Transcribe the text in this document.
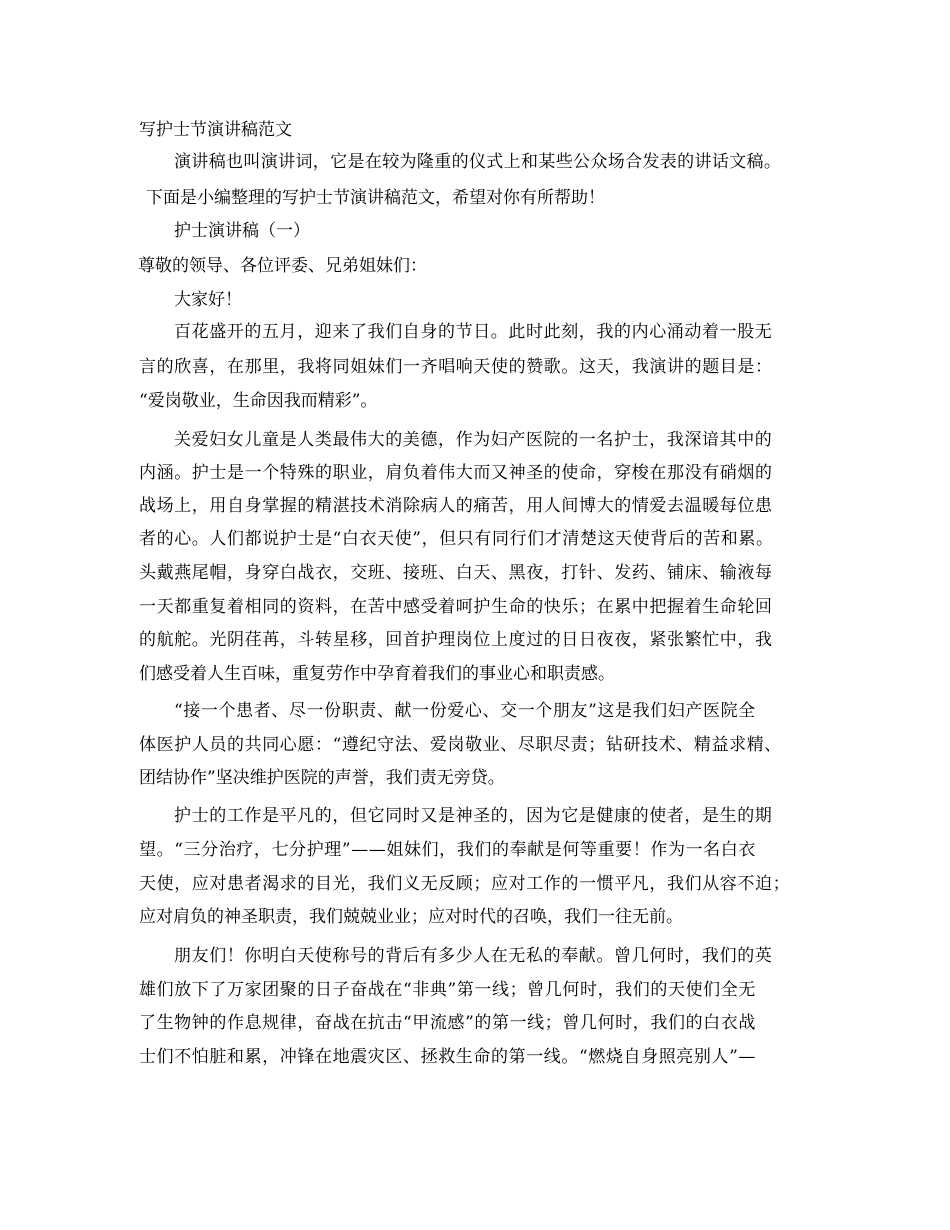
写护士节演讲稿范文
演讲稿也叫演讲词，它是在较为隆重的仪式上和某些公众场合发表的讲话文稿。
下面是小编整理的写护士节演讲稿范文，希望对你有所帮助！
护士演讲稿（一）
尊敬的领导、各位评委、兄弟姐妹们：
大家好！
百花盛开的五月，迎来了我们自身的节日。此时此刻，我的内心涌动着一股无
言的欣喜，在那里，我将同姐妹们一齐唱响天使的赞歌。这天，我演讲的题目是：
“爱岗敬业，生命因我而精彩”。
关爱妇女儿童是人类最伟大的美德，作为妇产医院的一名护士，我深谙其中的
内涵。护士是一个特殊的职业，肩负着伟大而又神圣的使命，穿梭在那没有硝烟的
战场上，用自身掌握的精湛技术消除病人的痛苦，用人间博大的情爱去温暖每位患
者的心。人们都说护士是“白衣天使”，但只有同行们才清楚这天使背后的苦和累。
头戴燕尾帽，身穿白战衣，交班、接班、白天、黑夜，打针、发药、铺床、输液每
一天都重复着相同的资料，在苦中感受着呵护生命的快乐；在累中把握着生命轮回
的航舵。光阴荏苒，斗转星移，回首护理岗位上度过的日日夜夜，紧张繁忙中，我
们感受着人生百味，重复劳作中孕育着我们的事业心和职责感。
“接一个患者、尽一份职责、献一份爱心、交一个朋友”这是我们妇产医院全
体医护人员的共同心愿：“遵纪守法、爱岗敬业、尽职尽责；钻研技术、精益求精、
团结协作”坚决维护医院的声誉，我们责无旁贷。
护士的工作是平凡的，但它同时又是神圣的，因为它是健康的使者，是生的期
望。“三分治疗，七分护理”——姐妹们，我们的奉献是何等重要！作为一名白衣
天使，应对患者渴求的目光，我们义无反顾；应对工作的一惯平凡，我们从容不迫；
应对肩负的神圣职责，我们兢兢业业；应对时代的召唤，我们一往无前。
朋友们！你明白天使称号的背后有多少人在无私的奉献。曾几何时，我们的英
雄们放下了万家团聚的日子奋战在“非典”第一线；曾几何时，我们的天使们全无
了生物钟的作息规律，奋战在抗击“甲流感”的第一线；曾几何时，我们的白衣战
士们不怕脏和累，冲锋在地震灾区、拯救生命的第一线。“燃烧自身照亮别人”—
